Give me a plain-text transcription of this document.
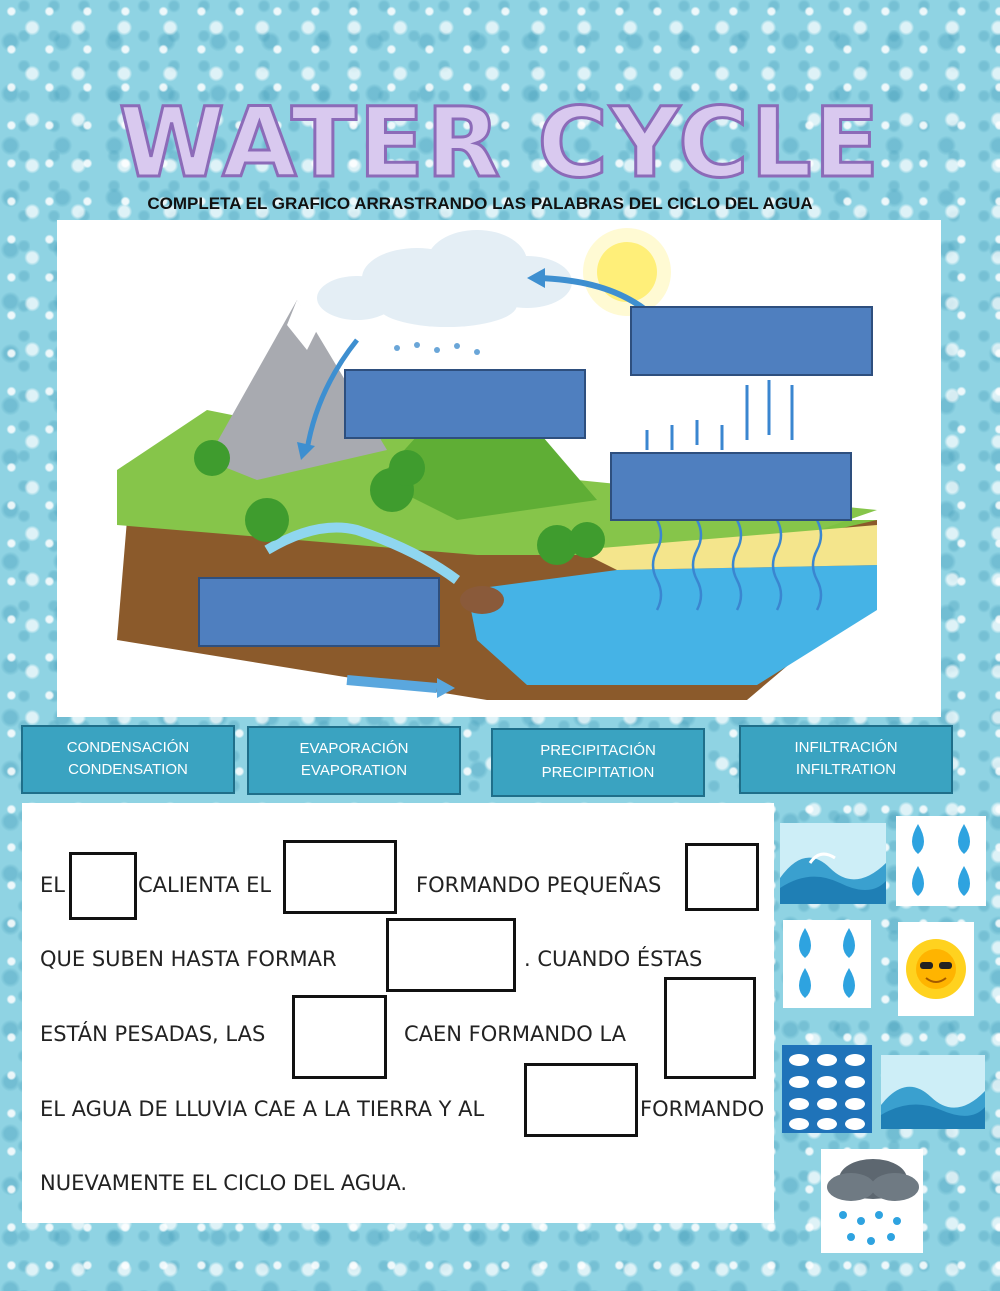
WATER CYCLE

COMPLETA EL GRAFICO ARRASTRANDO LAS PALABRAS DEL CICLO DEL AGUA

CONDENSACIÓN
CONDENSATION
EVAPORACIÓN
EVAPORATION
PRECIPITACIÓN
PRECIPITATION
INFILTRACIÓN
INFILTRATION

EL	CALIENTA EL	FORMANDO PEQUEÑAS

QUE SUBEN HASTA FORMAR	. CUANDO ÉSTAS

ESTÁN PESADAS, LAS	CAEN FORMANDO LA

EL AGUA DE LLUVIA CAE A LA TIERRA Y AL	FORMANDO

NUEVAMENTE EL CICLO DEL AGUA.
